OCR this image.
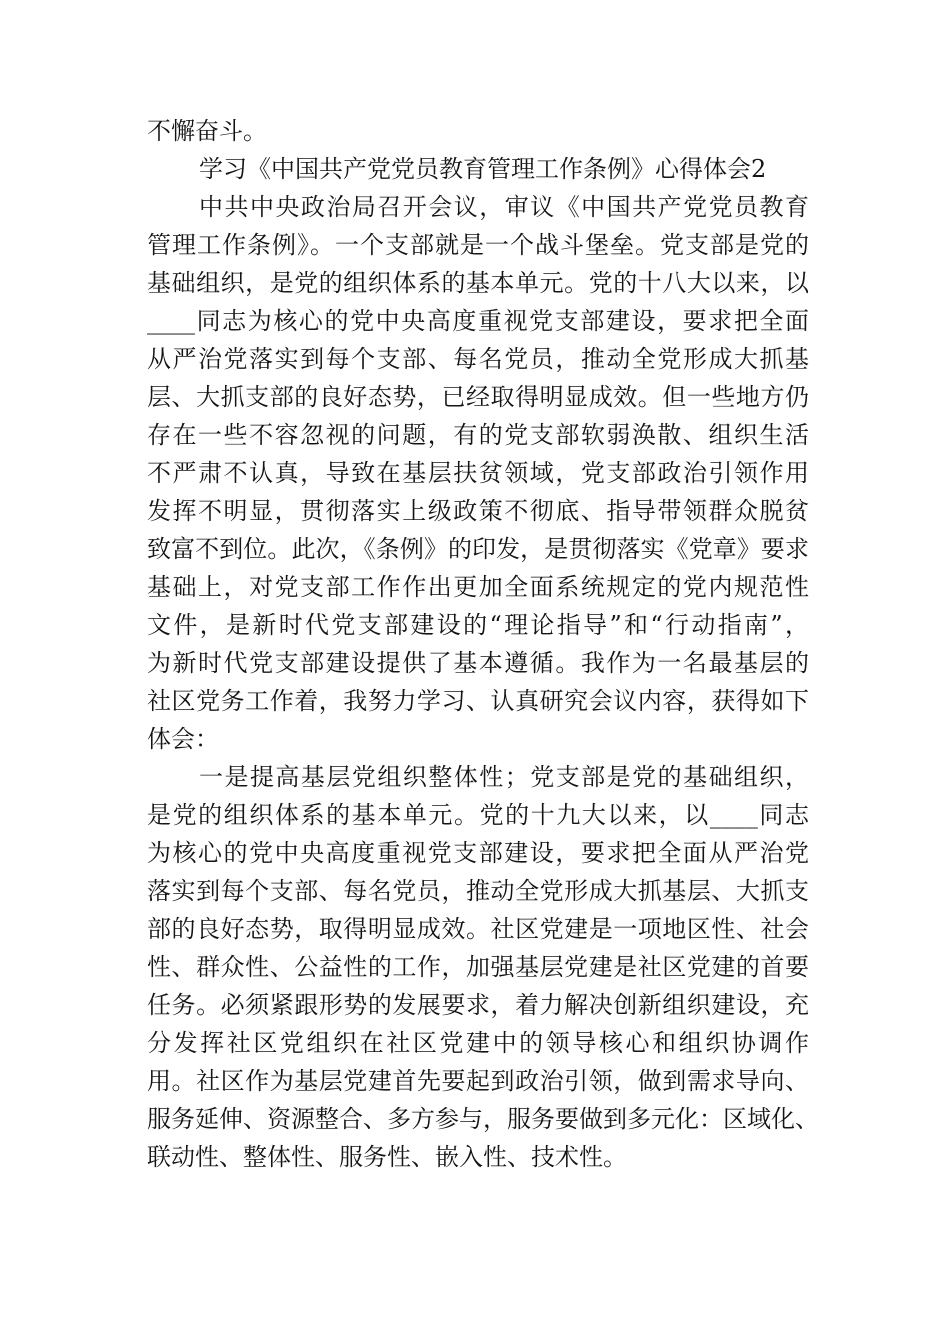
不懈奋斗。
学习《中国共产党党员教育管理工作条例》心得体会2
中共中央政治局召开会议，审议《中国共产党党员教育
管理工作条例》。一个支部就是一个战斗堡垒。党支部是党的
基础组织，是党的组织体系的基本单元。党的十八大以来，以
____同志为核心的党中央高度重视党支部建设，要求把全面
从严治党落实到每个支部、每名党员，推动全党形成大抓基
层、大抓支部的良好态势，已经取得明显成效。但一些地方仍
存在一些不容忽视的问题，有的党支部软弱涣散、组织生活
不严肃不认真，导致在基层扶贫领域，党支部政治引领作用
发挥不明显，贯彻落实上级政策不彻底、指导带领群众脱贫
致富不到位。此次，《条例》的印发，是贯彻落实《党章》要求
基础上，对党支部工作作出更加全面系统规定的党内规范性
文件，是新时代党支部建设的“理论指导”和“行动指南”，
为新时代党支部建设提供了基本遵循。我作为一名最基层的
社区党务工作着，我努力学习、认真研究会议内容，获得如下
体会：
一是提高基层党组织整体性；党支部是党的基础组织，
是党的组织体系的基本单元。党的十九大以来，以____同志
为核心的党中央高度重视党支部建设，要求把全面从严治党
落实到每个支部、每名党员，推动全党形成大抓基层、大抓支
部的良好态势，取得明显成效。社区党建是一项地区性、社会
性、群众性、公益性的工作，加强基层党建是社区党建的首要
任务。必须紧跟形势的发展要求，着力解决创新组织建设，充
分发挥社区党组织在社区党建中的领导核心和组织协调作
用。社区作为基层党建首先要起到政治引领，做到需求导向、
服务延伸、资源整合、多方参与，服务要做到多元化：区域化、
联动性、整体性、服务性、嵌入性、技术性。
